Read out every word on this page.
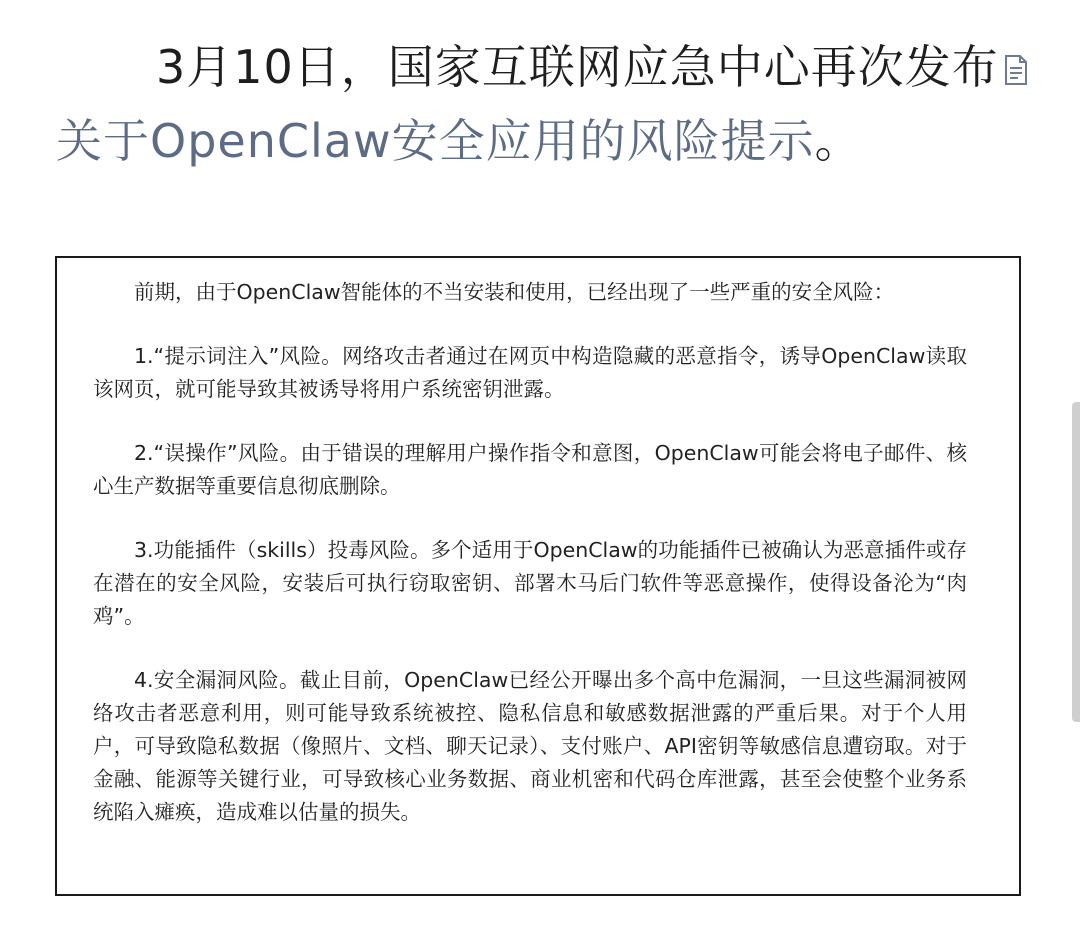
3月10日，国家互联网应急中心再次发布关于OpenClaw安全应用的风险提示。

前期，由于OpenClaw智能体的不当安装和使用，已经出现了一些严重的安全风险：

1.“提示词注入”风险。网络攻击者通过在网页中构造隐藏的恶意指令，诱导OpenClaw读取该网页，就可能导致其被诱导将用户系统密钥泄露。

2.“误操作”风险。由于错误的理解用户操作指令和意图，OpenClaw可能会将电子邮件、核心生产数据等重要信息彻底删除。

3.功能插件（skills）投毒风险。多个适用于OpenClaw的功能插件已被确认为恶意插件或存在潜在的安全风险，安装后可执行窃取密钥、部署木马后门软件等恶意操作，使得设备沦为“肉鸡”。

4.安全漏洞风险。截止目前，OpenClaw已经公开曝出多个高中危漏洞，一旦这些漏洞被网络攻击者恶意利用，则可能导致系统被控、隐私信息和敏感数据泄露的严重后果。对于个人用户，可导致隐私数据（像照片、文档、聊天记录）、支付账户、API密钥等敏感信息遭窃取。对于金融、能源等关键行业，可导致核心业务数据、商业机密和代码仓库泄露，甚至会使整个业务系统陷入瘫痪，造成难以估量的损失。
